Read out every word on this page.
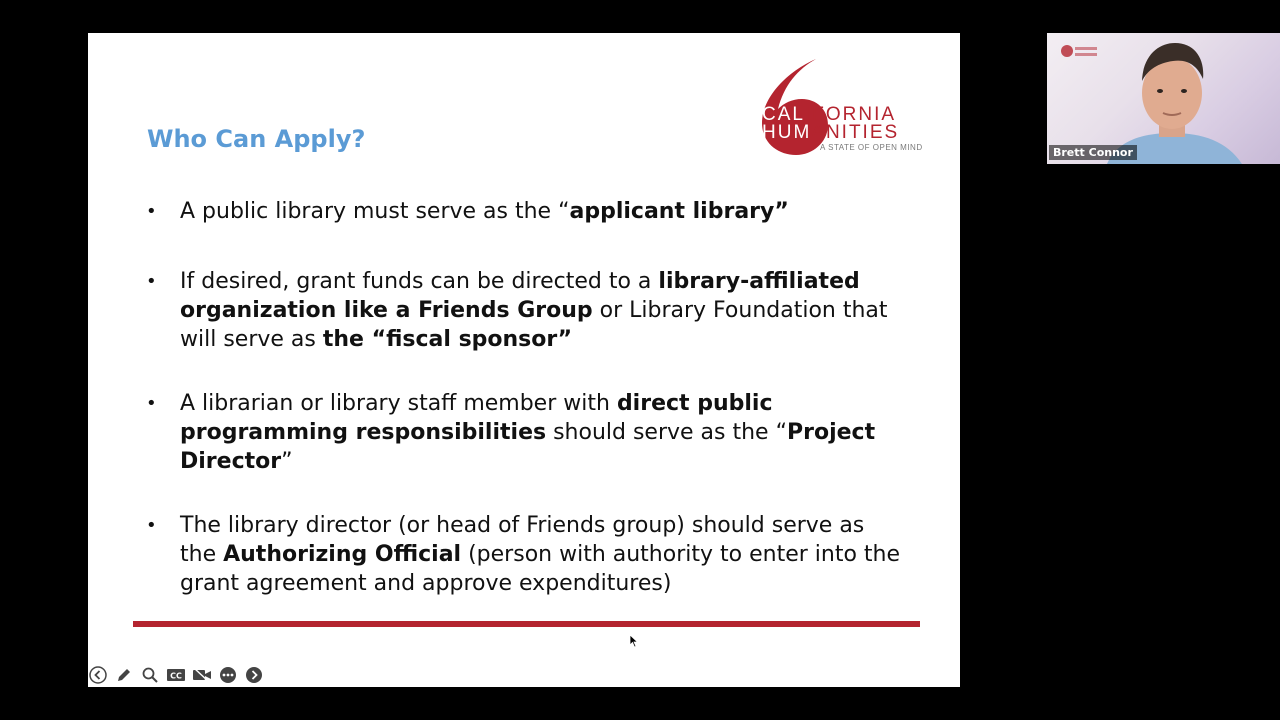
Who Can Apply?
CALIFORNIA
HUMANITIES
A STATE OF OPEN MIND
• A public library must serve as the “applicant library”
• If desired, grant funds can be directed to a library-affiliated organization like a Friends Group or Library Foundation that will serve as the “fiscal sponsor”
• A librarian or library staff member with direct public programming responsibilities should serve as the “Project Director”
• The library director (or head of Friends group) should serve as the Authorizing Official (person with authority to enter into the grant agreement and approve expenditures)
CC
Brett Connor
